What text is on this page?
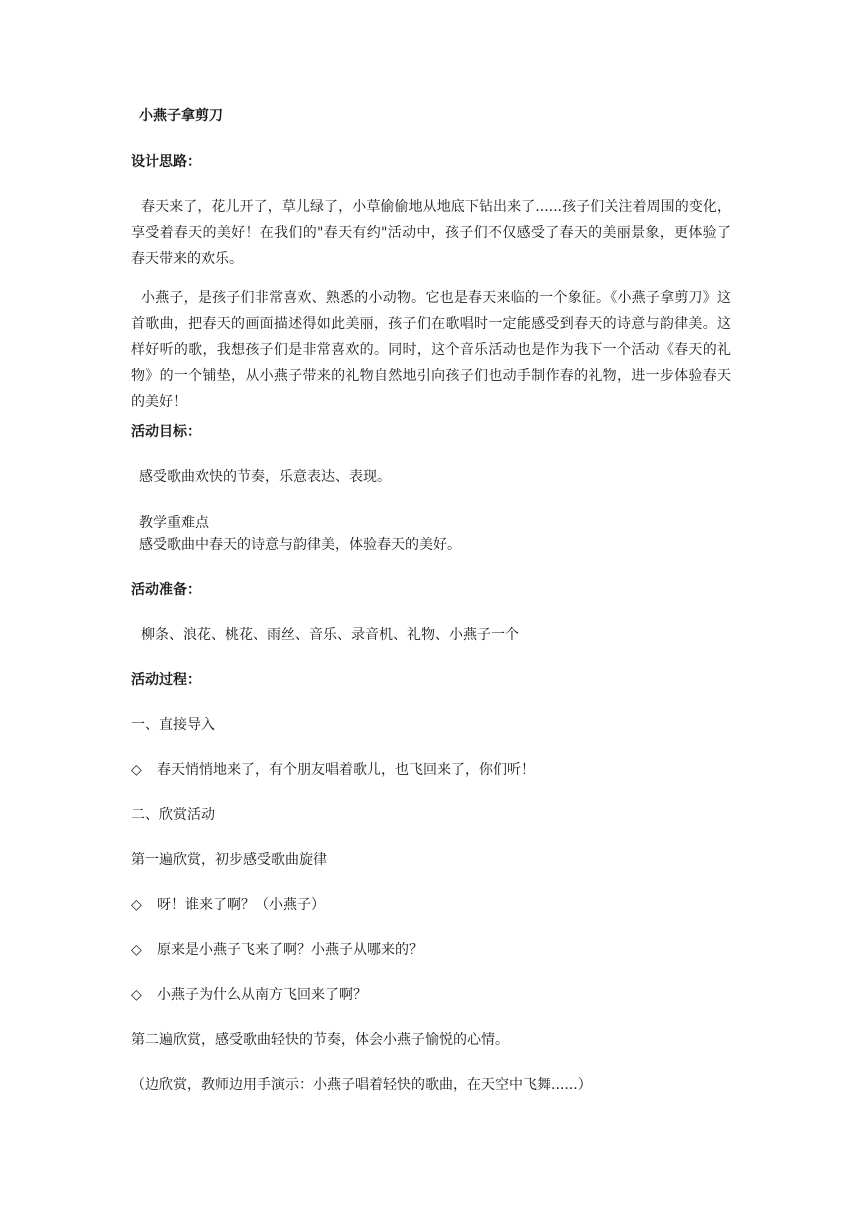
小燕子拿剪刀

设计思路：

春天来了，花儿开了，草儿绿了，小草偷偷地从地底下钻出来了......孩子们关注着周围的变化，享受着春天的美好！在我们的"春天有约"活动中，孩子们不仅感受了春天的美丽景象，更体验了春天带来的欢乐。

小燕子，是孩子们非常喜欢、熟悉的小动物。它也是春天来临的一个象征。《小燕子拿剪刀》这首歌曲，把春天的画面描述得如此美丽，孩子们在歌唱时一定能感受到春天的诗意与韵律美。这样好听的歌，我想孩子们是非常喜欢的。同时，这个音乐活动也是作为我下一个活动《春天的礼物》的一个铺垫，从小燕子带来的礼物自然地引向孩子们也动手制作春的礼物，进一步体验春天的美好！

活动目标：

感受歌曲欢快的节奏，乐意表达、表现。

教学重难点

感受歌曲中春天的诗意与韵律美，体验春天的美好。

活动准备：

柳条、浪花、桃花、雨丝、音乐、录音机、礼物、小燕子一个

活动过程：

一、直接导入

◇ 春天悄悄地来了，有个朋友唱着歌儿，也飞回来了，你们听！

二、欣赏活动

第一遍欣赏，初步感受歌曲旋律

◇ 呀！谁来了啊？（小燕子）

◇ 原来是小燕子飞来了啊？小燕子从哪来的？

◇ 小燕子为什么从南方飞回来了啊？

第二遍欣赏，感受歌曲轻快的节奏，体会小燕子愉悦的心情。

（边欣赏，教师边用手演示：小燕子唱着轻快的歌曲，在天空中飞舞......）
